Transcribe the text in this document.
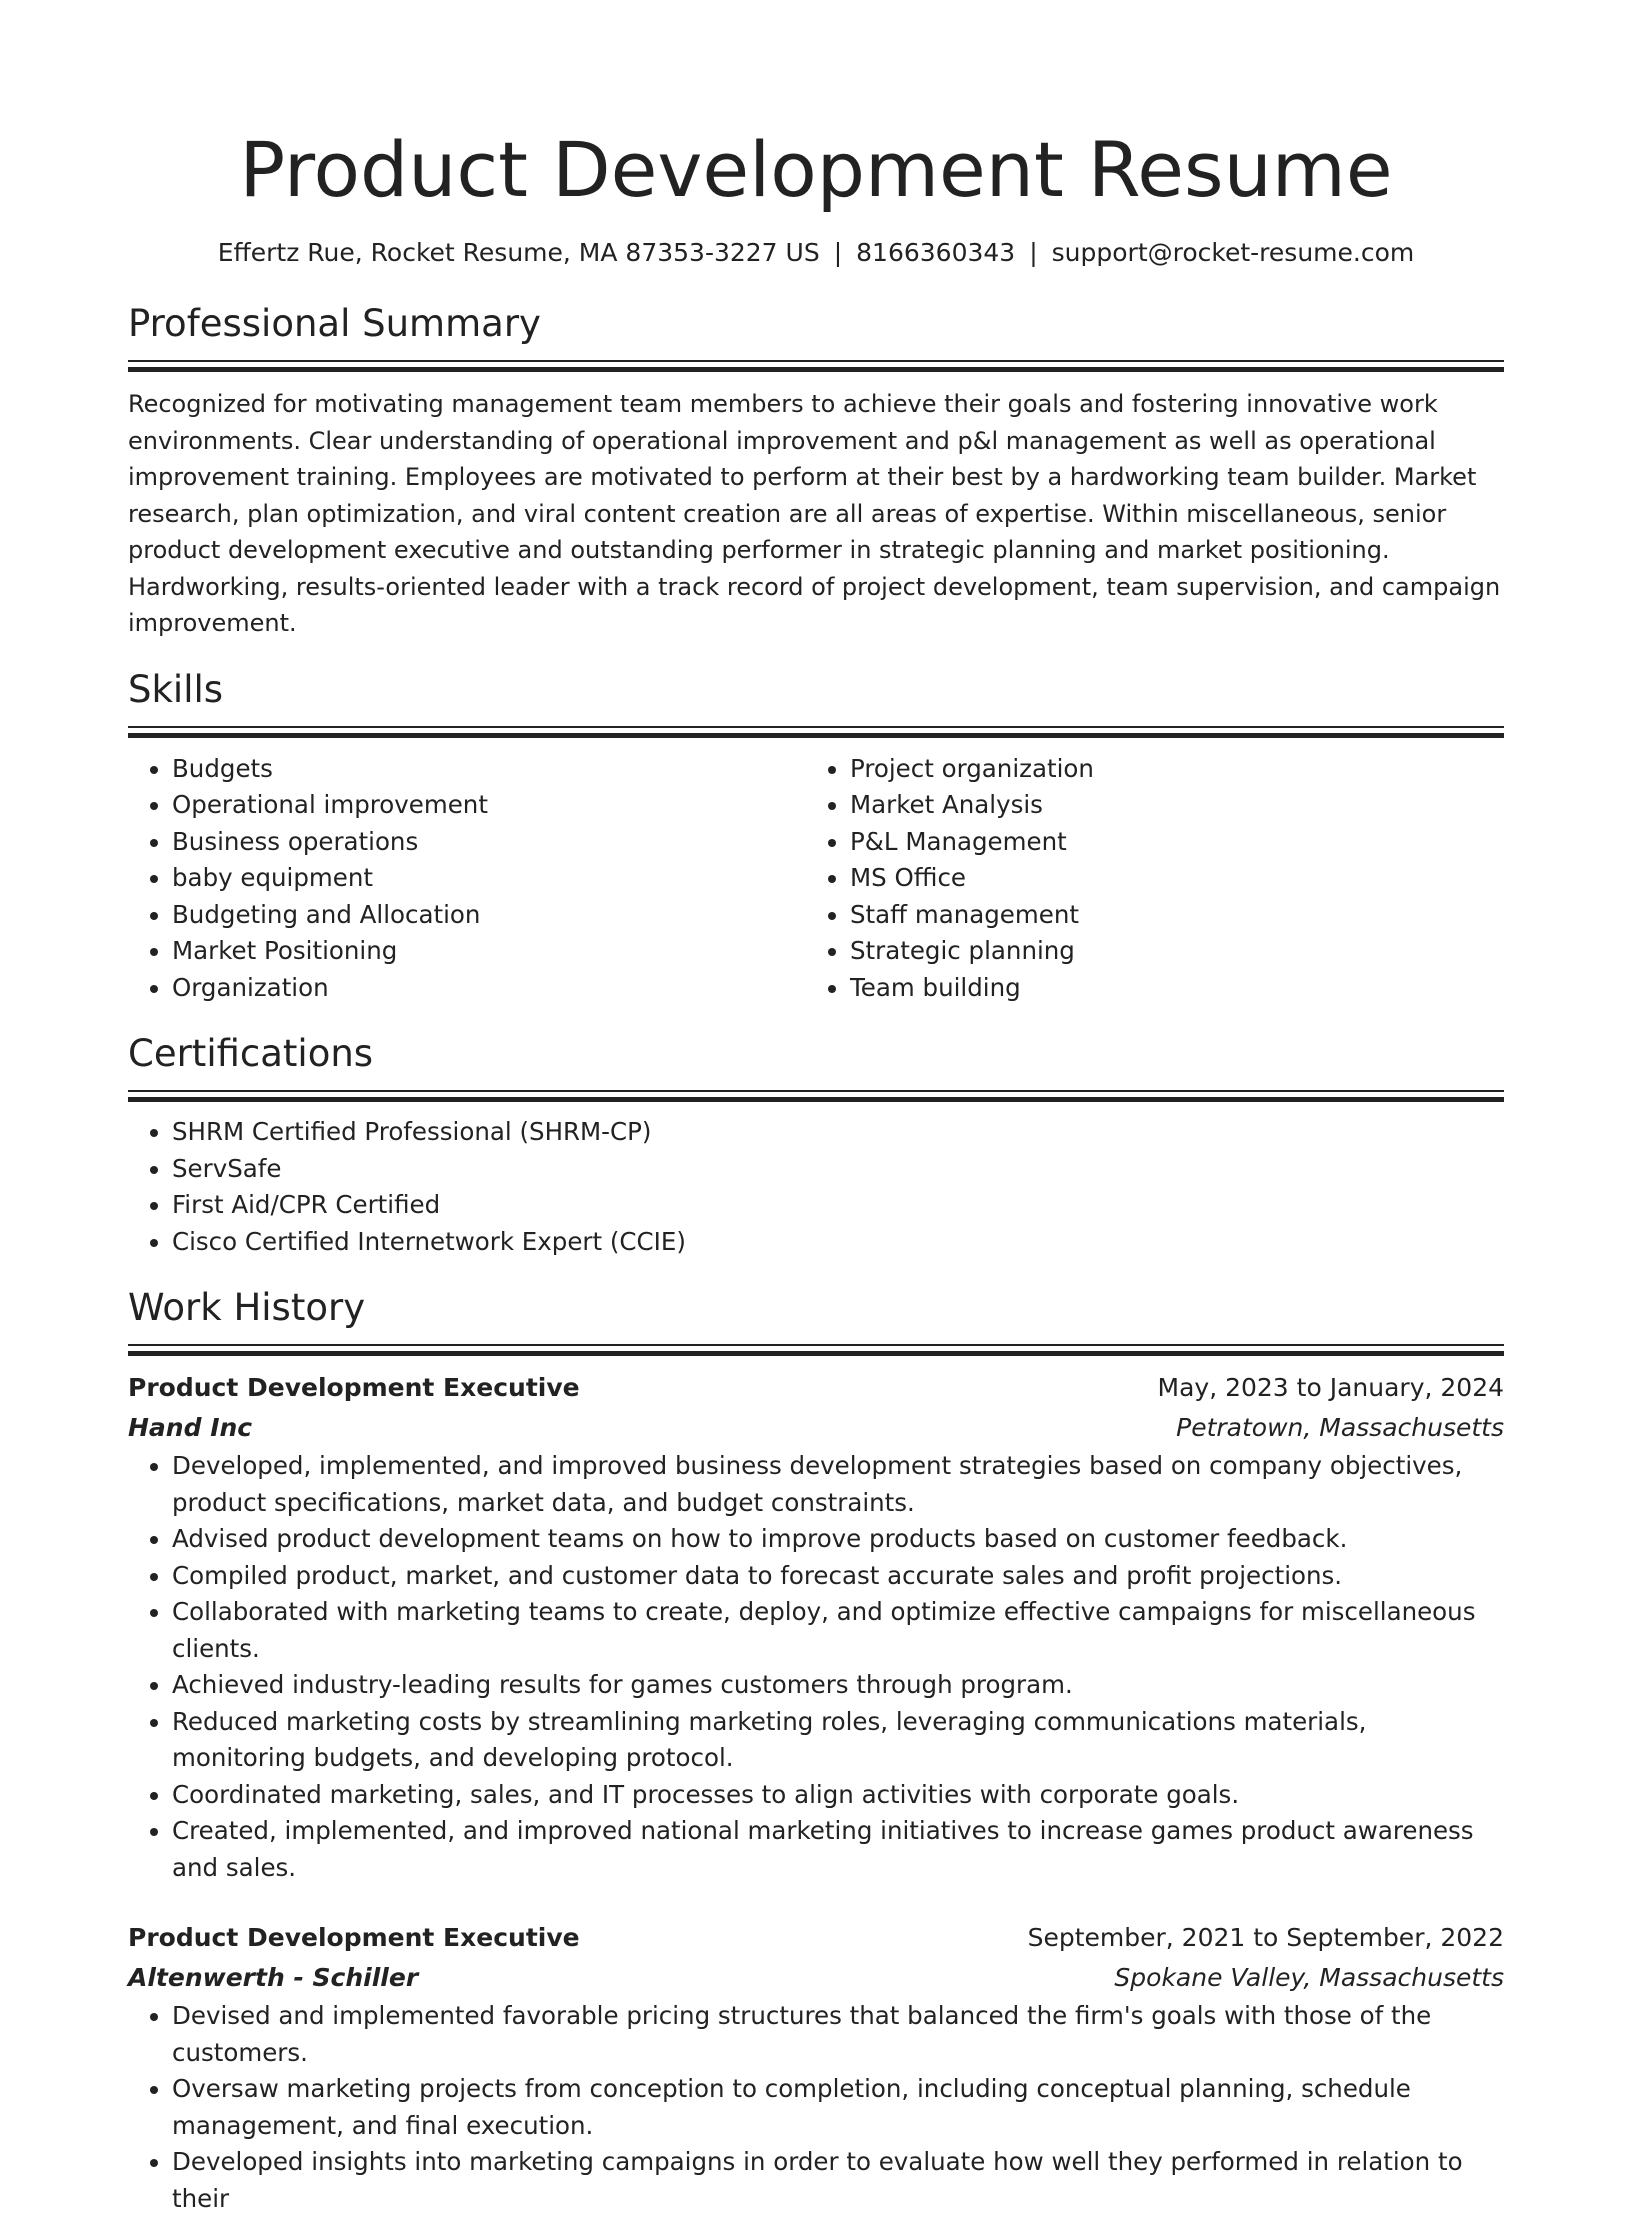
Product Development Resume
Effertz Rue, Rocket Resume, MA 87353-3227 US | 8166360343 | support@rocket-resume.com
Professional Summary
Recognized for motivating management team members to achieve their goals and fostering innovative work environments. Clear understanding of operational improvement and p&l management as well as operational improvement training. Employees are motivated to perform at their best by a hardworking team builder. Market research, plan optimization, and viral content creation are all areas of expertise. Within miscellaneous, senior product development executive and outstanding performer in strategic planning and market positioning. Hardworking, results-oriented leader with a track record of project development, team supervision, and campaign improvement.
Skills
• Budgets
• Operational improvement
• Business operations
• baby equipment
• Budgeting and Allocation
• Market Positioning
• Organization
• Project organization
• Market Analysis
• P&L Management
• MS Office
• Staff management
• Strategic planning
• Team building
Certifications
• SHRM Certified Professional (SHRM-CP)
• ServSafe
• First Aid/CPR Certified
• Cisco Certified Internetwork Expert (CCIE)
Work History
Product Development Executive	May, 2023 to January, 2024
Hand Inc	Petratown, Massachusetts
• Developed, implemented, and improved business development strategies based on company objectives, product specifications, market data, and budget constraints.
• Advised product development teams on how to improve products based on customer feedback.
• Compiled product, market, and customer data to forecast accurate sales and profit projections.
• Collaborated with marketing teams to create, deploy, and optimize effective campaigns for miscellaneous clients.
• Achieved industry-leading results for games customers through program.
• Reduced marketing costs by streamlining marketing roles, leveraging communications materials, monitoring budgets, and developing protocol.
• Coordinated marketing, sales, and IT processes to align activities with corporate goals.
• Created, implemented, and improved national marketing initiatives to increase games product awareness and sales.
Product Development Executive	September, 2021 to September, 2022
Altenwerth - Schiller	Spokane Valley, Massachusetts
• Devised and implemented favorable pricing structures that balanced the firm's goals with those of the customers.
• Oversaw marketing projects from conception to completion, including conceptual planning, schedule management, and final execution.
• Developed insights into marketing campaigns in order to evaluate how well they performed in relation to their
